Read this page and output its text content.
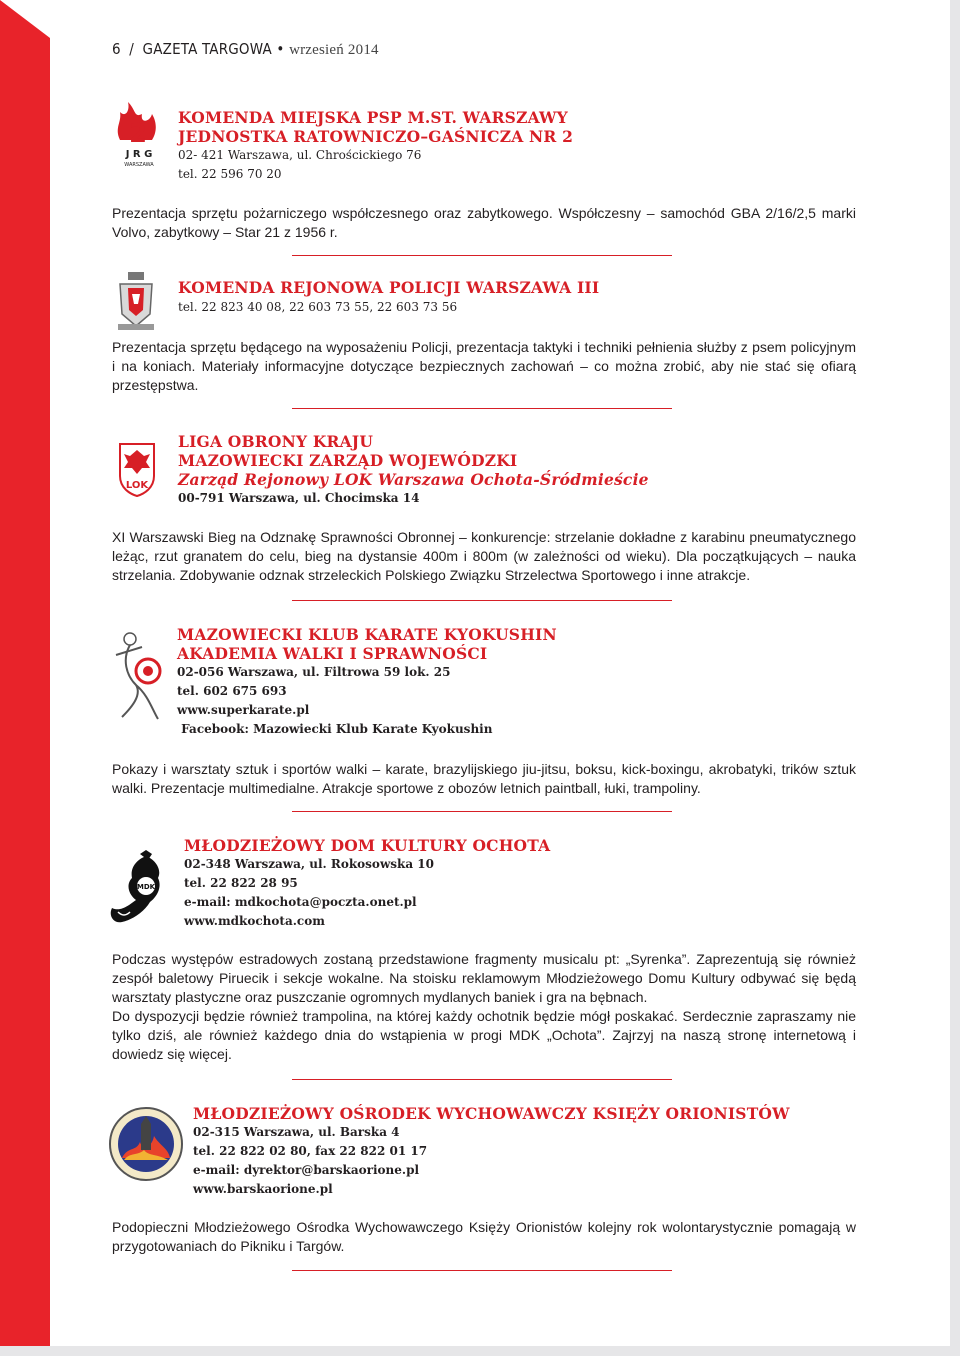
6 / GAZETA TARGOWA • wrzesień 2014
2
J R G
WARSZAWA
KOMENDA MIEJSKA PSP M.ST. WARSZAWY
JEDNOSTKA RATOWNICZO–GAŚNICZA NR 2
02- 421 Warszawa, ul. Chrościckiego 76
tel. 22 596 70 20

Prezentacja sprzętu pożarniczego współczesnego oraz zabytkowego. Współczesny – samochód GBA 2/16/2,5 marki Volvo, zabytkowy – Star 21 z 1956 r.

KOMENDA REJONOWA POLICJI WARSZAWA III
tel. 22 823 40 08, 22 603 73 55, 22 603 73 56

Prezentacja sprzętu będącego na wyposażeniu Policji, prezentacja taktyki i techniki pełnienia służby z psem policyjnym i na koniach. Materiały informacyjne dotyczące bezpiecznych zachowań – co można zrobić, aby nie stać się ofiarą przestępstwa.

LOK
LIGA OBRONY KRAJU
MAZOWIECKI ZARZĄD WOJEWÓDZKI
Zarząd Rejonowy LOK Warszawa Ochota-Śródmieście
00-791 Warszawa, ul. Chocimska 14

XI Warszawski Bieg na Odznakę Sprawności Obronnej – konkurencje: strzelanie dokładne z karabinu pneumatycznego leżąc, rzut granatem do celu, bieg na dystansie 400m i 800m (w zależności od wieku). Dla początkujących – nauka strzelania. Zdobywanie odznak strzeleckich Polskiego Związku Strzelectwa Sportowego i inne atrakcje.

MAZOWIECKI KLUB KARATE KYOKUSHIN
AKADEMIA WALKI I SPRAWNOŚCI
02-056 Warszawa, ul. Filtrowa 59 lok. 25
tel. 602 675 693
www.superkarate.pl
Facebook: Mazowiecki Klub Karate Kyokushin

Pokazy i warsztaty sztuk i sportów walki – karate, brazylijskiego jiu-jitsu, boksu, kick-boxingu, akrobatyki, trików sztuk walki. Prezentacje multimedialne. Atrakcje sportowe z obozów letnich paintball, łuki, trampoliny.

MDK
MŁODZIEŻOWY DOM KULTURY OCHOTA
02-348 Warszawa, ul. Rokosowska 10
tel. 22 822 28 95
e-mail: mdkochota@poczta.onet.pl
www.mdkochota.com

Podczas występów estradowych zostaną przedstawione fragmenty musicalu pt: „Syrenka”. Zaprezentują się również zespół baletowy Piruecik i sekcje wokalne. Na stoisku reklamowym Młodzieżowego Domu Kultury odbywać się będą warsztaty plastyczne oraz puszczanie ogromnych mydlanych baniek i gra na bębnach.

Do dyspozycji będzie również trampolina, na której każdy ochotnik będzie mógł poskakać. Serdecznie zapraszamy nie tylko dziś, ale również każdego dnia do wstąpienia w progi MDK „Ochota”. Zajrzyj na naszą stronę internetową i dowiedz się więcej.

MŁODZIEŻOWY OŚRODEK WYCHOWAWCZY KSIĘŻY ORIONISTÓW
02-315 Warszawa, ul. Barska 4
tel. 22 822 02 80, fax 22 822 01 17
e-mail: dyrektor@barskaorione.pl
www.barskaorione.pl

Podopieczni Młodzieżowego Ośrodka Wychowawczego Księży Orionistów kolejny rok wolontarystycznie pomagają w przygotowaniach do Pikniku i Targów.
